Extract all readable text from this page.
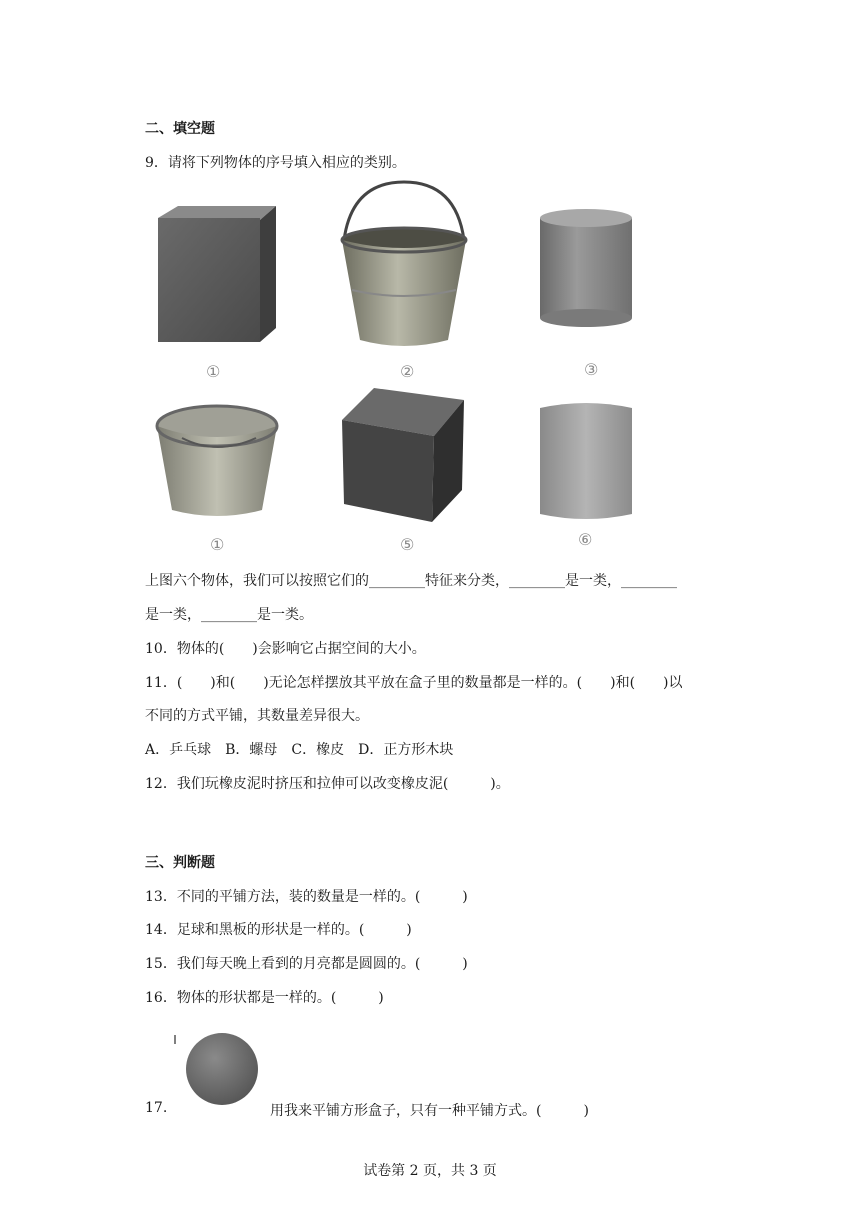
二、填空题
9．请将下列物体的序号填入相应的类别。
①	②	③
①	⑤	⑥
上图六个物体，我们可以按照它们的________特征来分类，________是一类，________
是一类，________是一类。
10．物体的(　　)会影响它占据空间的大小。
11．(　　)和(　　)无论怎样摆放其平放在盒子里的数量都是一样的。(　　)和(　　)以
不同的方式平铺，其数量差异很大。
A．乒乓球　B．螺母　C．橡皮　D．正方形木块
12．我们玩橡皮泥时挤压和拉伸可以改变橡皮泥(　　　)。
三、判断题
13．不同的平铺方法，装的数量是一样的。(　　　)
14．足球和黑板的形状是一样的。(　　　)
15．我们每天晚上看到的月亮都是圆圆的。(　　　)
16．物体的形状都是一样的。(　　　)
17.	用我来平铺方形盒子，只有一种平铺方式。(　　　)
试卷第 2 页，共 3 页
